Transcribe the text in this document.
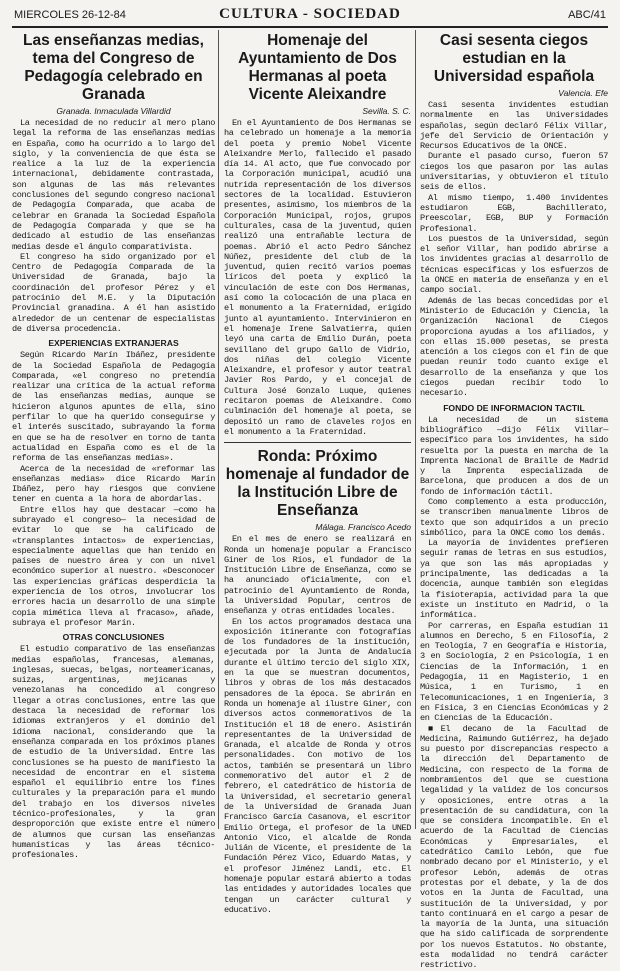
MIERCOLES 26-12-84	CULTURA - SOCIEDAD	ABC/41
Las enseñanzas medias, tema del Congreso de Pedagogía celebrado en Granada
Granada. Inmaculada Villardid

La necesidad de no reducir al mero plano legal la reforma de las enseñanzas medias en España, como ha ocurrido a lo largo del siglo, y la conveniencia de que ésta se realice a la luz de la experiencia internacional, debidamente contrastada, son algunas de las más relevantes conclusiones del segundo congreso nacional de Pedagogía Comparada, que acaba de celebrar en Granada la Sociedad Española de Pedagogía Comparada y que se ha dedicado al estudio de las enseñanzas medias desde el ángulo comparativista.

El congreso ha sido organizado por el Centro de Pedagogía Comparada de la Universidad de Granada, bajo la coordinación del profesor Pérez y el patrocinio del M.E. y la Diputación Provincial granadina. A él han asistido alrededor de un centenar de especialistas de diversa procedencia.

EXPERIENCIAS EXTRANJERAS

Según Ricardo Marín Ibáñez, presidente de la Sociedad Española de Pedagogía Comparada, «el congreso no pretendía realizar una crítica de la actual reforma de las enseñanzas medias, aunque se hicieron algunos apuntes de ella, sino perfilar lo que ha querido conseguirse y el interés suscitado, subrayando la forma en que se ha de resolver en torno de tanta actualidad en España como es el de la reforma de las enseñanzas medias».

Acerca de la necesidad de «reformar las enseñanzas medias» dice Ricardo Marín Ibáñez, pero hay riesgos que conviene tener en cuenta a la hora de abordarlas.

Entre ellos hay que destacar —como ha subrayado el congreso— la necesidad de evitar lo que se ha calificado de «transplantes intactos» de experiencias, especialmente aquellas que han tenido en países de nuestro área y con un nivel económico superior al nuestro. «Desconocer las experiencias gráficas desperdicia la experiencia de los otros, involucrar los errores hacia un desarrollo de una simple copia mimética lleva al fracaso», añade, subraya el profesor Marín.

OTRAS CONCLUSIONES

El estudio comparativo de las enseñanzas medias españolas, francesas, alemanas, inglesas, suecas, belgas, norteamericanas, suizas, argentinas, mejicanas y venezolanas ha concedido al congreso llegar a otras conclusiones, entre las que destaca la necesidad de reformar los idiomas extranjeros y el dominio del idioma nacional, considerando que la enseñanza comparada en los próximos planes de estudio de la Universidad. Entre las conclusiones se ha puesto de manifiesto la necesidad de encontrar en el sistema español el equilibrio entre los fines culturales y la preparación para el mundo del trabajo en los diversos niveles técnico-profesionales, y la gran desproporción que existe entre el número de alumnos que cursan las enseñanzas humanísticas y las áreas técnico-profesionales.

Homenaje del Ayuntamiento de Dos Hermanas al poeta Vicente Aleixandre
Sevilla. S. C.

En el Ayuntamiento de Dos Hermanas se ha celebrado un homenaje a la memoria del poeta y premio Nobel Vicente Aleixandre Merlo, fallecido el pasado día 14. Al acto, que fue convocado por la Corporación municipal, acudió una nutrida representación de los diversos sectores de la localidad. Estuvieron presentes, asimismo, los miembros de la Corporación Municipal, rojos, grupos culturales, casa de la juventud, quien realizó una entrañable lectura de poemas. Abrió el acto Pedro Sánchez Núñez, presidente del club de la juventud, quien recitó varios poemas líricos del poeta y explicó la vinculación de este con Dos Hermanas, así como la colocación de una placa en el monumento a la Fraternidad, erigido junto al ayuntamiento. Intervinieron en el homenaje Irene Salvatierra, quien leyó una carta de Emilio Durán, poeta sevillano del grupo Gallo de Vidrio, dos niñas del colegio Vicente Aleixandre, el profesor y autor teatral Javier Ros Pardo, y el concejal de Cultura José Gonzalo Luque, quienes recitaron poemas de Aleixandre. Como culminación del homenaje al poeta, se depositó un ramo de claveles rojos en el monumento a la Fraternidad.

Ronda: Próximo homenaje al fundador de la Institución Libre de Enseñanza
Málaga. Francisco Acedo

En el mes de enero se realizará en Ronda un homenaje popular a Francisco Giner de los Ríos, el fundador de la Institución Libre de Enseñanza, como se ha anunciado oficialmente, con el patrocinio del Ayuntamiento de Ronda, la Universidad Popular, centros de enseñanza y otras entidades locales.

En los actos programados destaca una exposición itinerante con fotografías de los fundadores de la institución, ejecutada por la Junta de Andalucía durante el último tercio del siglo XIX, en la que se muestran documentos, libros y obras de los más destacados pensadores de la época. Se abrirán en Ronda un homenaje al ilustre Giner, con diversos actos conmemorativos de la Institución el 18 de enero. Asistirán representantes de la Universidad de Granada, el alcalde de Ronda y otros personalidades. Con motivo de los actos, también se presentará un libro conmemorativo del autor el 2 de febrero, el catedrático de historia de la Universidad, el secretario general de la Universidad de Granada Juan Francisco García Casanova, el escritor Emilio Ortega, el profesor de la UNED Antonio Vico, el alcalde de Ronda Julián de Vicente, el presidente de la Fundación Pérez Vico, Eduardo Matas, y el profesor Jiménez Landi, etc. El homenaje popular estará abierto a todas las entidades y autoridades locales que tengan un carácter cultural y educativo.

Casi sesenta ciegos estudian en la Universidad española
Valencia. Efe

Casi sesenta invidentes estudian normalmente en las Universidades españolas, según declaró Félix Villar, jefe del Servicio de Orientación y Recursos Educativos de la ONCE.

Durante el pasado curso, fueron 57 ciegos los que pasaron por las aulas universitarias, y obtuvieron el título seis de ellos.

Al mismo tiempo, 1.400 invidentes estudiaron EGB, Bachillerato, Preescolar, EGB, BUP y Formación Profesional.

Los puestos de la Universidad, según el señor Villar, han podido abrirse a los invidentes gracias al desarrollo de técnicas específicas y los esfuerzos de la ONCE en materia de enseñanza y en el campo social.

Además de las becas concedidas por el Ministerio de Educación y Ciencia, la Organización Nacional de Ciegos proporciona ayudas a los afiliados, y con ellas 15.000 pesetas, se presta atención a los ciegos con el fin de que puedan reunir todo cuanto exige el desarrollo de la enseñanza y que los ciegos puedan recibir todo lo necesario.

FONDO DE INFORMACION TACTIL

La necesidad de un sistema bibliográfico —dijo Félix Villar— específico para los invidentes, ha sido resuelta por la puesta en marcha de la Imprenta Nacional de Braille de Madrid y la Imprenta especializada de Barcelona, que producen a dos de un fondo de información táctil.

Como complemento a esta producción, se transcriben manualmente libros de texto que son adquiridos a un precio simbólico, para la ONCE como los demás.

La mayoría de invidentes prefieren seguir ramas de letras en sus estudios, ya que son las más apropiadas y principalmente, las dedicadas a la docencia, aunque también son elegidas la fisioterapia, actividad para la que existe un instituto en Madrid, o la informática.

Por carreras, en España estudian 11 alumnos en Derecho, 5 en Filosofía, 2 en Teología, 7 en Geografía e Historia, 3 en Sociología, 2 en Psicología, 1 en Ciencias de la Información, 1 en Pedagogía, 11 en Magisterio, 1 en Música, 1 en Turismo, 1 en Telecomunicaciones, 1 en Ingeniería, 3 en Física, 3 en Ciencias Económicas y 2 en Ciencias de la Educación.

■ El decano de la Facultad de Medicina, Raimundo Gutiérrez, ha dejado su puesto por discrepancias respecto a la dirección del Departamento de Medicina, con respecto de la forma de nombramientos del que se cuestiona legalidad y la validez de los concursos y oposiciones, entre otras a la presentación de su candidatura, con la que se considera incompatible. En el acuerdo de la Facultad de Ciencias Económicas y Empresariales, el catedrático Camilo Lebón, que fue nombrado decano por el Ministerio, y el profesor Lebón, además de otras protestas por el debate, y la de dos votos en la Junta de Facultad, una sustitución de la Universidad, y por tanto continuará en el cargo a pesar de la mayoría de la Junta, una situación que ha sido calificada de sorprendente por los nuevos Estatutos. No obstante, esta modalidad no tendrá carácter restrictivo.
